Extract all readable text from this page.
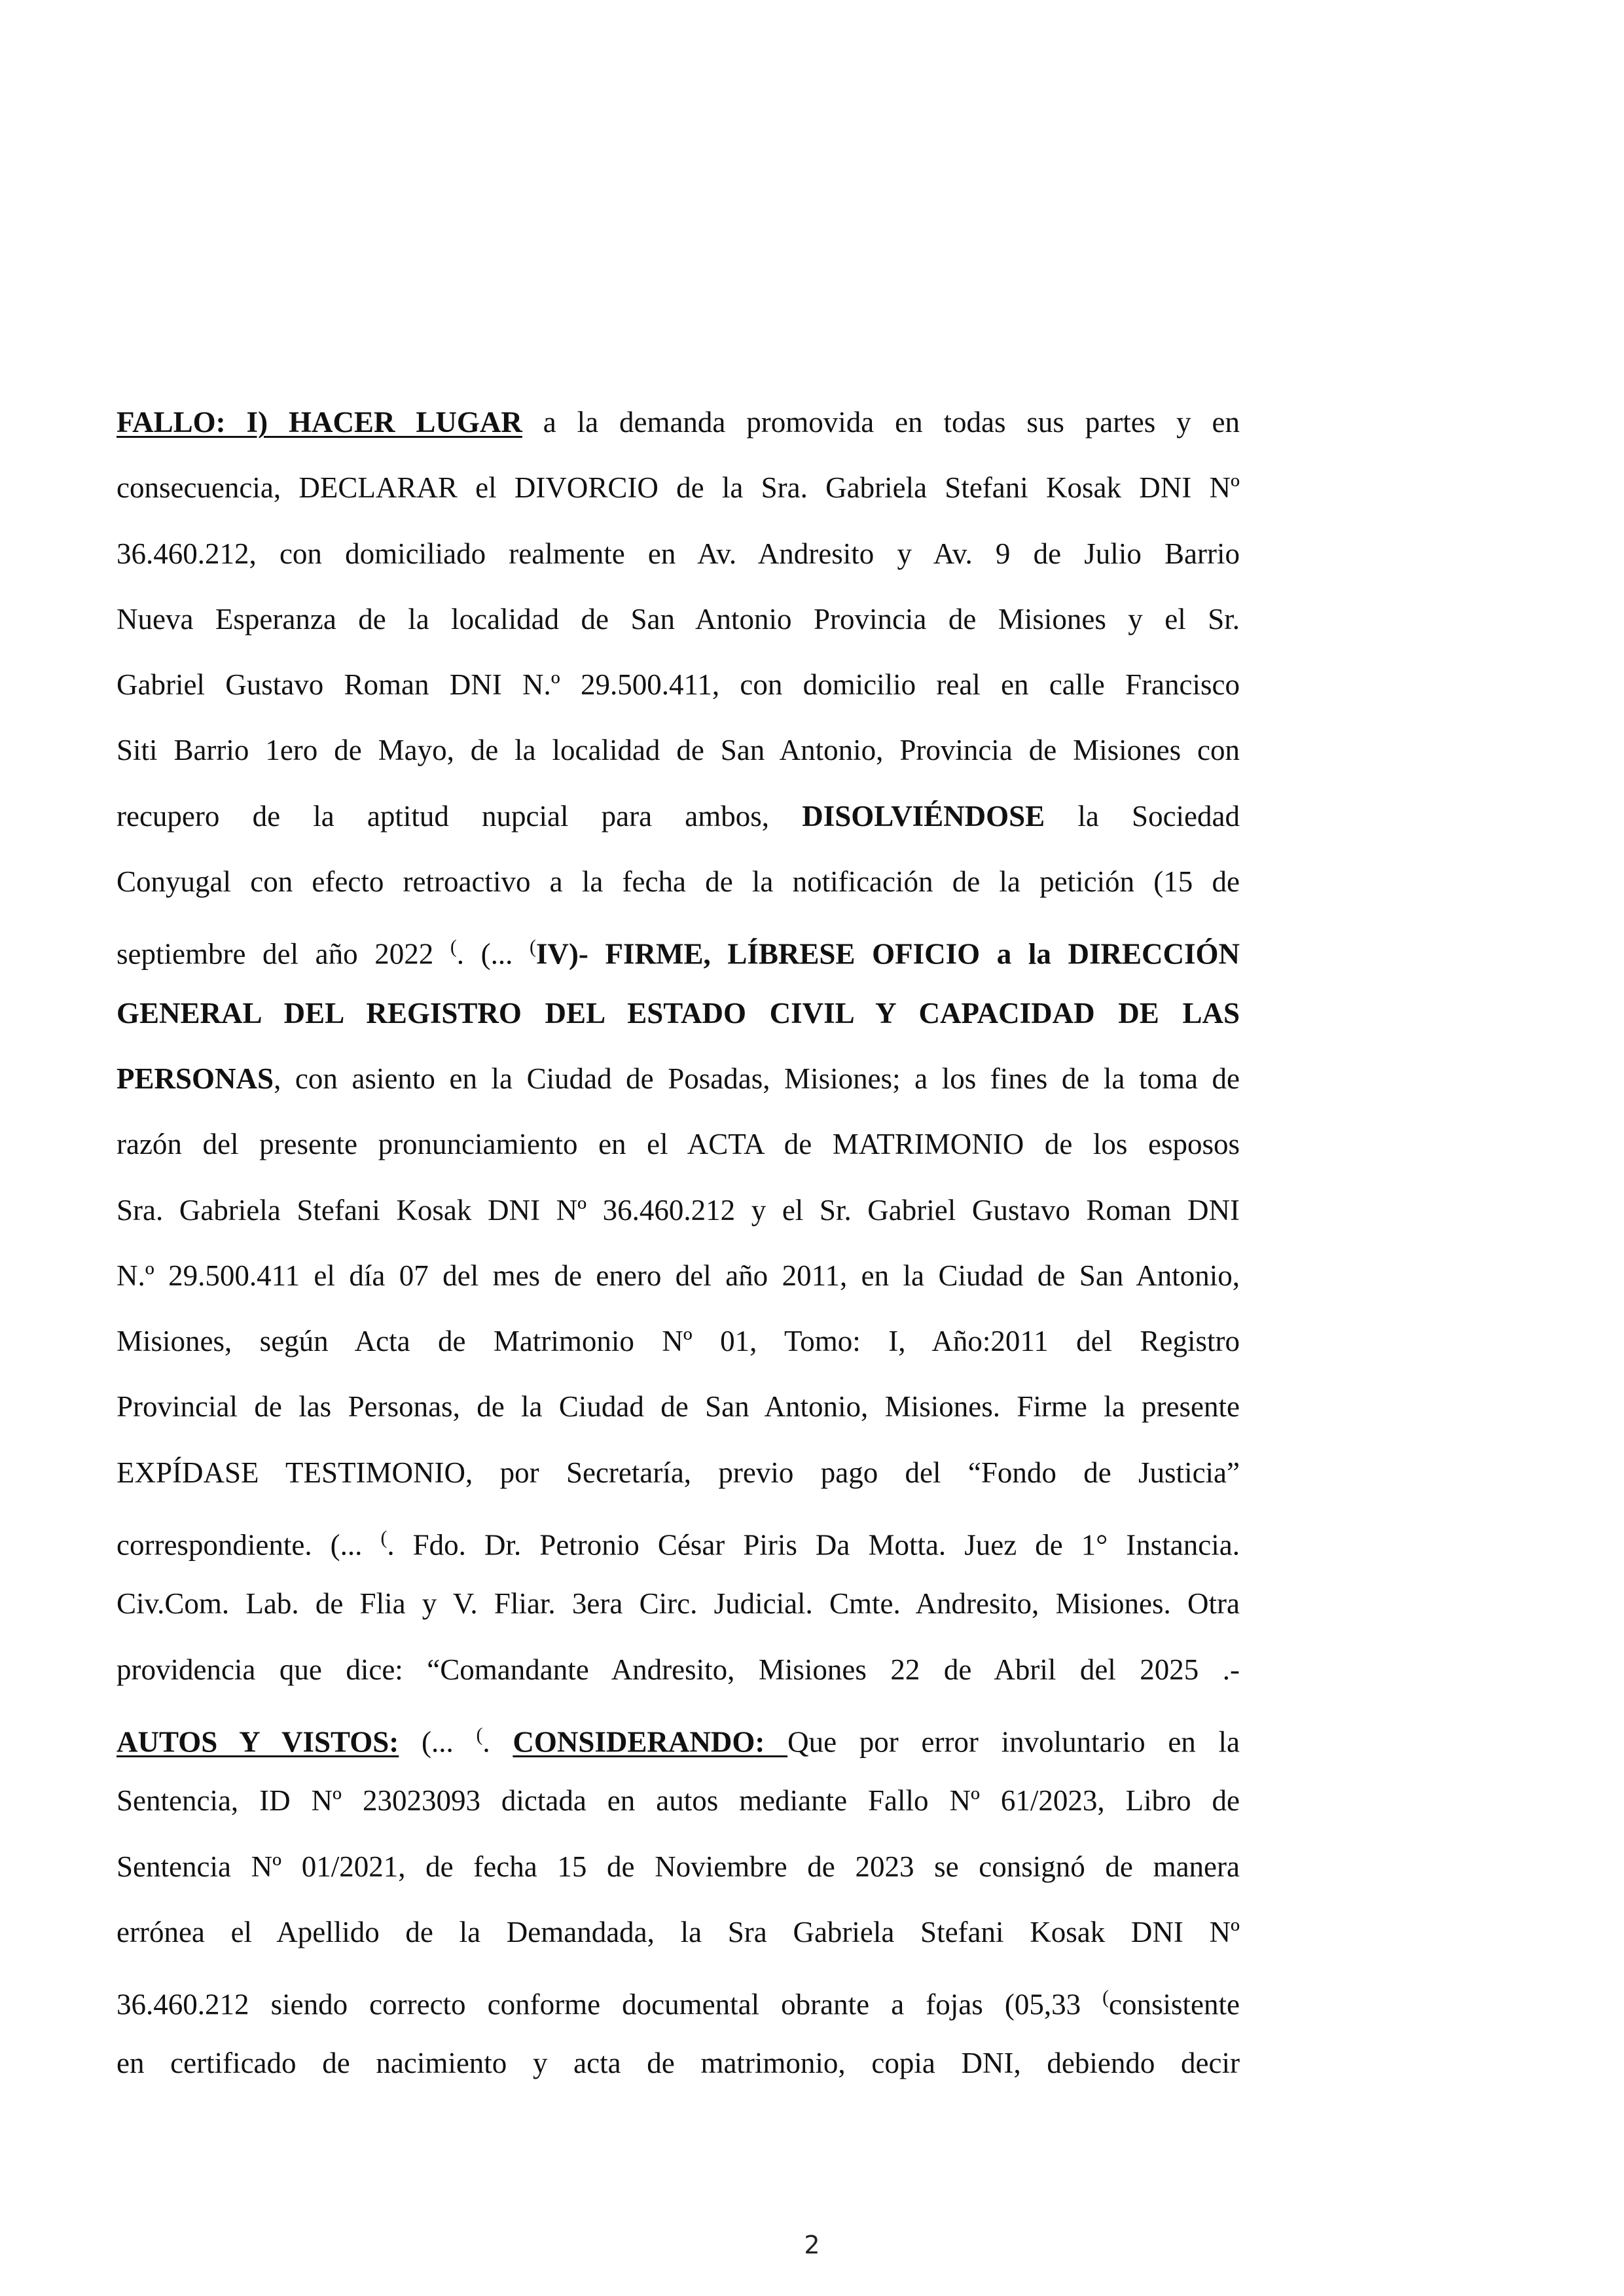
FALLO: I) HACER LUGAR a la demanda promovida en todas sus partes y en
consecuencia, DECLARAR el DIVORCIO de la Sra. Gabriela Stefani Kosak DNI Nº
36.460.212, con domiciliado realmente en Av. Andresito y Av. 9 de Julio Barrio
Nueva Esperanza de la localidad de San Antonio Provincia de Misiones y el Sr.
Gabriel Gustavo Roman DNI N.º 29.500.411, con domicilio real en calle Francisco
Siti Barrio 1ero de Mayo, de la localidad de San Antonio, Provincia de Misiones con
recupero de la aptitud nupcial para ambos, DISOLVIÉNDOSE la Sociedad
Conyugal con efecto retroactivo a la fecha de la notificación de la petición (15 de
septiembre del año 2022 (. (... (IV)- FIRME, LÍBRESE OFICIO a la DIRECCIÓN
GENERAL DEL REGISTRO DEL ESTADO CIVIL Y CAPACIDAD DE LAS
PERSONAS, con asiento en la Ciudad de Posadas, Misiones; a los fines de la toma de
razón del presente pronunciamiento en el ACTA de MATRIMONIO de los esposos
Sra. Gabriela Stefani Kosak DNI Nº 36.460.212 y el Sr. Gabriel Gustavo Roman DNI
N.º 29.500.411 el día 07 del mes de enero del año 2011, en la Ciudad de San Antonio,
Misiones, según Acta de Matrimonio Nº 01, Tomo: I, Año:2011 del Registro
Provincial de las Personas, de la Ciudad de San Antonio, Misiones. Firme la presente
EXPÍDASE TESTIMONIO, por Secretaría, previo pago del “Fondo de Justicia”
correspondiente. (... (. Fdo. Dr. Petronio César Piris Da Motta. Juez de 1° Instancia.
Civ.Com. Lab. de Flia y V. Fliar. 3era Circ. Judicial. Cmte. Andresito, Misiones. Otra
providencia que dice: “Comandante Andresito, Misiones 22 de Abril del 2025 .-
AUTOS Y VISTOS: (... (. CONSIDERANDO: Que por error involuntario en la
Sentencia, ID Nº 23023093 dictada en autos mediante Fallo Nº 61/2023, Libro de
Sentencia Nº 01/2021, de fecha 15 de Noviembre de 2023 se consignó de manera
errónea el Apellido de la Demandada, la Sra Gabriela Stefani Kosak DNI Nº
36.460.212 siendo correcto conforme documental obrante a fojas (05,33 (consistente
en certificado de nacimiento y acta de matrimonio, copia DNI, debiendo decir
2
